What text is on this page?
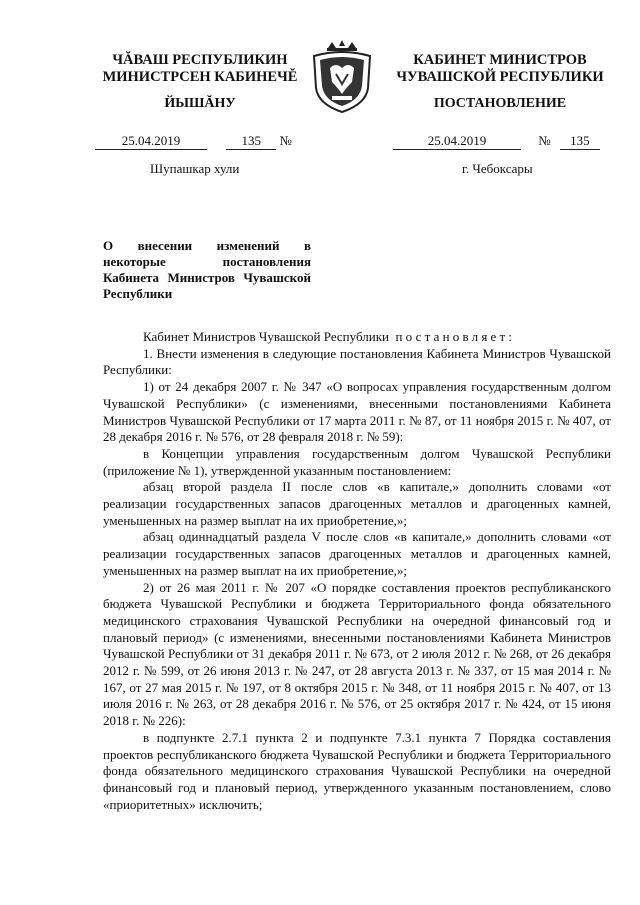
ЧĂВАШ РЕСПУБЛИКИН
МИНИСТРСЕН КАБИНЕЧĔ
ЙЫШĂНУ
КАБИНЕТ МИНИСТРОВ
ЧУВАШСКОЙ РЕСПУБЛИКИ
ПОСТАНОВЛЕНИЕ
25.04.2019	135 №	25.04.2019	№ 135
Шупашкар хули	г. Чебоксары
О внесении изменений в некоторые постановления Кабинета Министров Чувашской Республики

Кабинет Министров Чувашской Республики постановляет:

1. Внести изменения в следующие постановления Кабинета Министров Чувашской Республики:

1) от 24 декабря 2007 г. № 347 «О вопросах управления государственным долгом Чувашской Республики» (с изменениями, внесенными постановлениями Кабинета Министров Чувашской Республики от 17 марта 2011 г. № 87, от 11 ноября 2015 г. № 407, от 28 декабря 2016 г. № 576, от 28 февраля 2018 г. № 59):

в Концепции управления государственным долгом Чувашской Республики (приложение № 1), утвержденной указанным постановлением:

абзац второй раздела II после слов «в капитале,» дополнить словами «от реализации государственных запасов драгоценных металлов и драгоценных камней, уменьшенных на размер выплат на их приобретение,»;

абзац одиннадцатый раздела V после слов «в капитале,» дополнить словами «от реализации государственных запасов драгоценных металлов и драгоценных камней, уменьшенных на размер выплат на их приобретение,»;

2) от 26 мая 2011 г. № 207 «О порядке составления проектов республиканского бюджета Чувашской Республики и бюджета Территориального фонда обязательного медицинского страхования Чувашской Республики на очередной финансовый год и плановый период» (с изменениями, внесенными постановлениями Кабинета Министров Чувашской Республики от 31 декабря 2011 г. № 673, от 2 июля 2012 г. № 268, от 26 декабря 2012 г. № 599, от 26 июня 2013 г. № 247, от 28 августа 2013 г. № 337, от 15 мая 2014 г. № 167, от 27 мая 2015 г. № 197, от 8 октября 2015 г. № 348, от 11 ноября 2015 г. № 407, от 13 июля 2016 г. № 263, от 28 декабря 2016 г. № 576, от 25 октября 2017 г. № 424, от 15 июня 2018 г. № 226):

в подпункте 2.7.1 пункта 2 и подпункте 7.3.1 пункта 7 Порядка составления проектов республиканского бюджета Чувашской Республики и бюджета Территориального фонда обязательного медицинского страхования Чувашской Республики на очередной финансовый год и плановый период, утвержденного указанным постановлением, слово «приоритетных» исключить;
